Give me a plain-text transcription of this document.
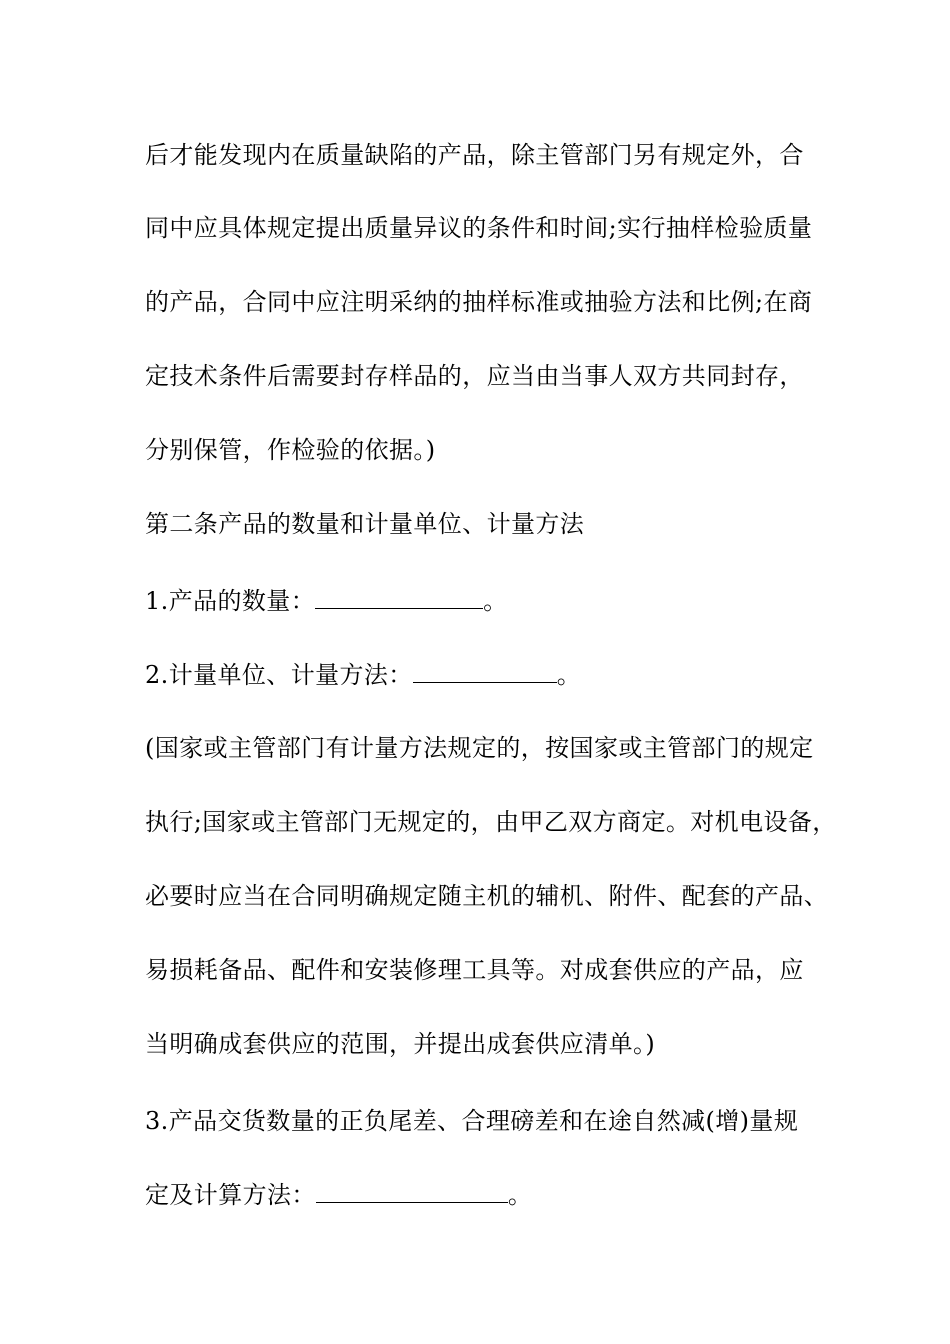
后才能发现内在质量缺陷的产品，除主管部门另有规定外，合

同中应具体规定提出质量异议的条件和时间;实行抽样检验质量

的产品，合同中应注明采纳的抽样标准或抽验方法和比例;在商

定技术条件后需要封存样品的，应当由当事人双方共同封存，

分别保管，作检验的依据。)

第二条产品的数量和计量单位、计量方法

1.产品的数量：	。

2.计量单位、计量方法：	。

(国家或主管部门有计量方法规定的，按国家或主管部门的规定

执行;国家或主管部门无规定的，由甲乙双方商定。对机电设备，

必要时应当在合同明确规定随主机的辅机、附件、配套的产品、

易损耗备品、配件和安装修理工具等。对成套供应的产品，应

当明确成套供应的范围，并提出成套供应清单。)

3.产品交货数量的正负尾差、合理磅差和在途自然减(增)量规

定及计算方法：	。
